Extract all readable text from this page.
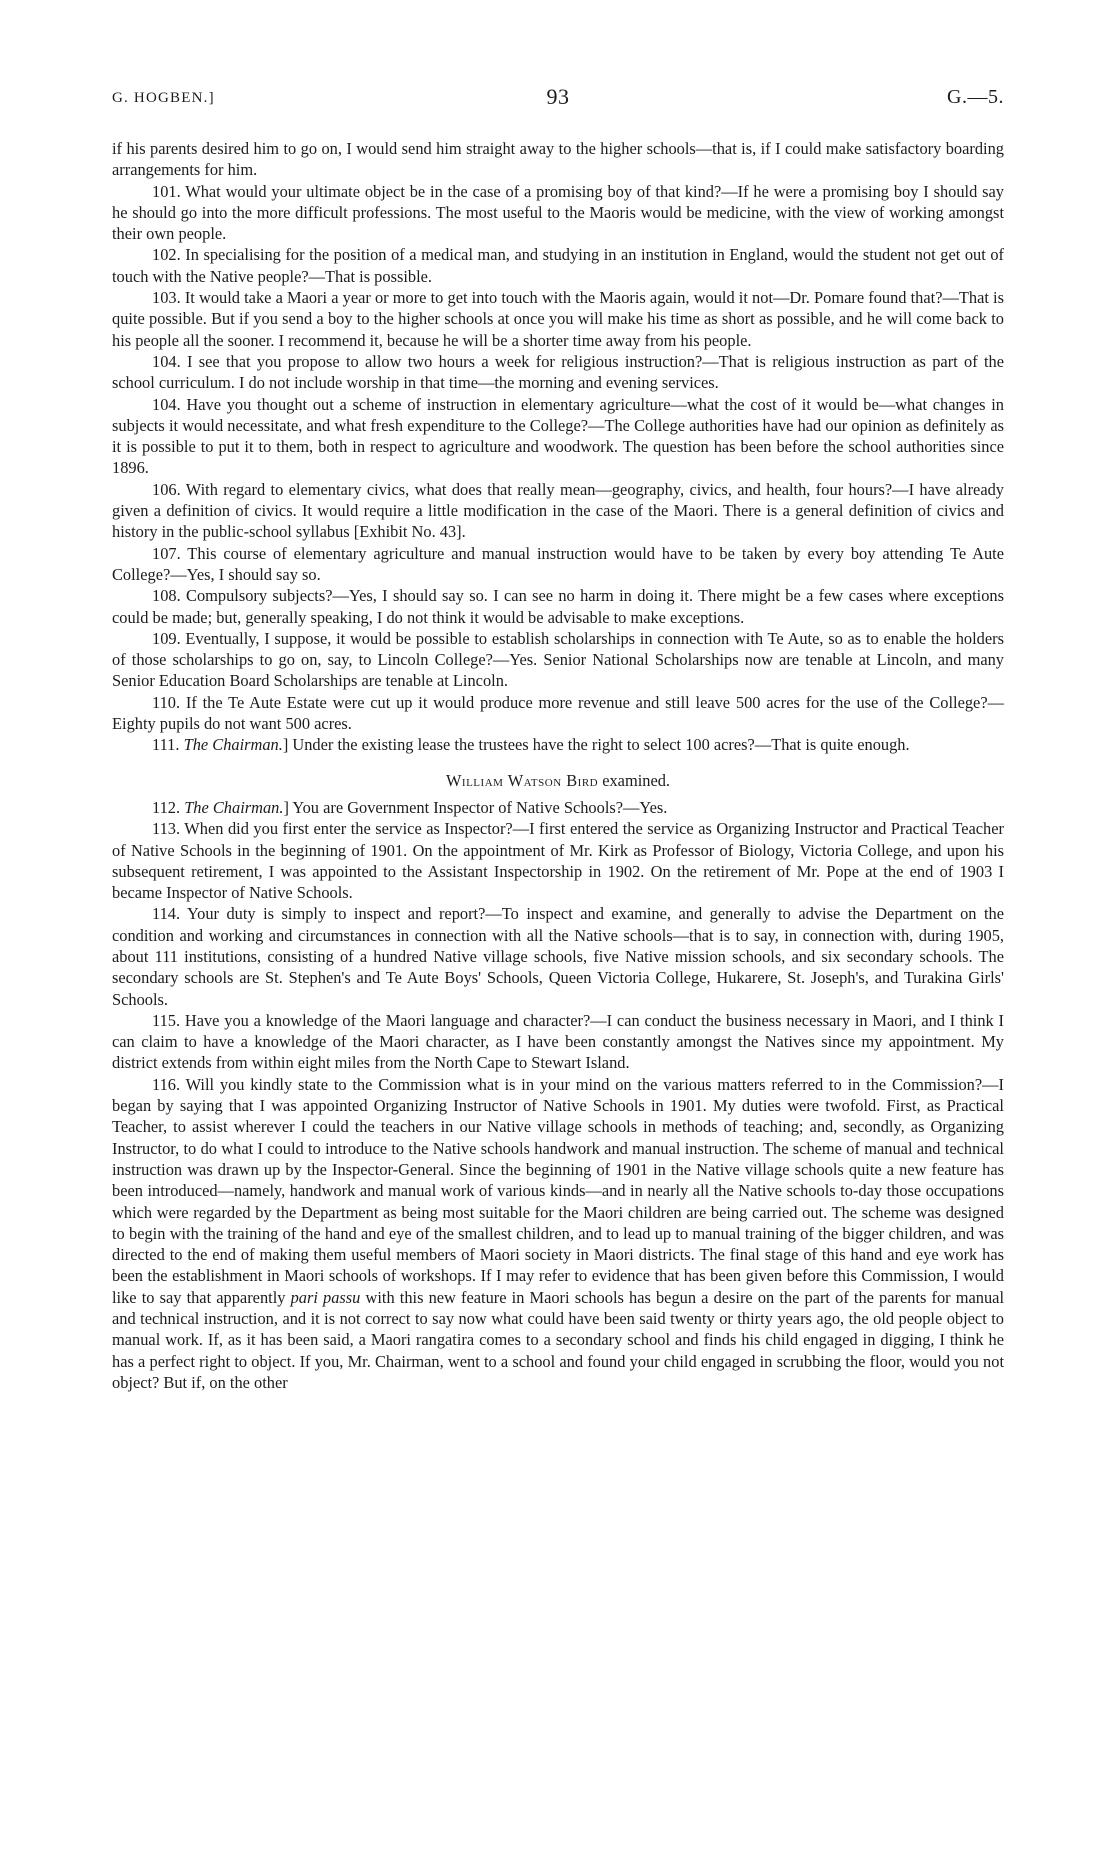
G. HOGBEN.]	93	G.—5.

if his parents desired him to go on, I would send him straight away to the higher schools—that is, if I could make satisfactory boarding arrangements for him.

101. What would your ultimate object be in the case of a promising boy of that kind?—If he were a promising boy I should say he should go into the more difficult professions. The most useful to the Maoris would be medicine, with the view of working amongst their own people.

102. In specialising for the position of a medical man, and studying in an institution in England, would the student not get out of touch with the Native people?—That is possible.

103. It would take a Maori a year or more to get into touch with the Maoris again, would it not—Dr. Pomare found that?—That is quite possible. But if you send a boy to the higher schools at once you will make his time as short as possible, and he will come back to his people all the sooner. I recommend it, because he will be a shorter time away from his people.

104. I see that you propose to allow two hours a week for religious instruction?—That is religious instruction as part of the school curriculum. I do not include worship in that time—the morning and evening services.

104. Have you thought out a scheme of instruction in elementary agriculture—what the cost of it would be—what changes in subjects it would necessitate, and what fresh expenditure to the College?—The College authorities have had our opinion as definitely as it is possible to put it to them, both in respect to agriculture and woodwork. The question has been before the school authorities since 1896.

106. With regard to elementary civics, what does that really mean—geography, civics, and health, four hours?—I have already given a definition of civics. It would require a little modification in the case of the Maori. There is a general definition of civics and history in the public-school syllabus [Exhibit No. 43].

107. This course of elementary agriculture and manual instruction would have to be taken by every boy attending Te Aute College?—Yes, I should say so.

108. Compulsory subjects?—Yes, I should say so. I can see no harm in doing it. There might be a few cases where exceptions could be made; but, generally speaking, I do not think it would be advisable to make exceptions.

109. Eventually, I suppose, it would be possible to establish scholarships in connection with Te Aute, so as to enable the holders of those scholarships to go on, say, to Lincoln College?—Yes. Senior National Scholarships now are tenable at Lincoln, and many Senior Education Board Scholarships are tenable at Lincoln.

110. If the Te Aute Estate were cut up it would produce more revenue and still leave 500 acres for the use of the College?—Eighty pupils do not want 500 acres.

111. The Chairman.] Under the existing lease the trustees have the right to select 100 acres?—That is quite enough.

William Watson Bird examined.

112. The Chairman.] You are Government Inspector of Native Schools?—Yes.

113. When did you first enter the service as Inspector?—I first entered the service as Organizing Instructor and Practical Teacher of Native Schools in the beginning of 1901. On the appointment of Mr. Kirk as Professor of Biology, Victoria College, and upon his subsequent retirement, I was appointed to the Assistant Inspectorship in 1902. On the retirement of Mr. Pope at the end of 1903 I became Inspector of Native Schools.

114. Your duty is simply to inspect and report?—To inspect and examine, and generally to advise the Department on the condition and working and circumstances in connection with all the Native schools—that is to say, in connection with, during 1905, about 111 institutions, consisting of a hundred Native village schools, five Native mission schools, and six secondary schools. The secondary schools are St. Stephen's and Te Aute Boys' Schools, Queen Victoria College, Hukarere, St. Joseph's, and Turakina Girls' Schools.

115. Have you a knowledge of the Maori language and character?—I can conduct the business necessary in Maori, and I think I can claim to have a knowledge of the Maori character, as I have been constantly amongst the Natives since my appointment. My district extends from within eight miles from the North Cape to Stewart Island.

116. Will you kindly state to the Commission what is in your mind on the various matters referred to in the Commission?—I began by saying that I was appointed Organizing Instructor of Native Schools in 1901. My duties were twofold. First, as Practical Teacher, to assist wherever I could the teachers in our Native village schools in methods of teaching; and, secondly, as Organizing Instructor, to do what I could to introduce to the Native schools handwork and manual instruction. The scheme of manual and technical instruction was drawn up by the Inspector-General. Since the beginning of 1901 in the Native village schools quite a new feature has been introduced—namely, handwork and manual work of various kinds—and in nearly all the Native schools to-day those occupations which were regarded by the Department as being most suitable for the Maori children are being carried out. The scheme was designed to begin with the training of the hand and eye of the smallest children, and to lead up to manual training of the bigger children, and was directed to the end of making them useful members of Maori society in Maori districts. The final stage of this hand and eye work has been the establishment in Maori schools of workshops. If I may refer to evidence that has been given before this Commission, I would like to say that apparently pari passu with this new feature in Maori schools has begun a desire on the part of the parents for manual and technical instruction, and it is not correct to say now what could have been said twenty or thirty years ago, the old people object to manual work. If, as it has been said, a Maori rangatira comes to a secondary school and finds his child engaged in digging, I think he has a perfect right to object. If you, Mr. Chairman, went to a school and found your child engaged in scrubbing the floor, would you not object? But if, on the other
